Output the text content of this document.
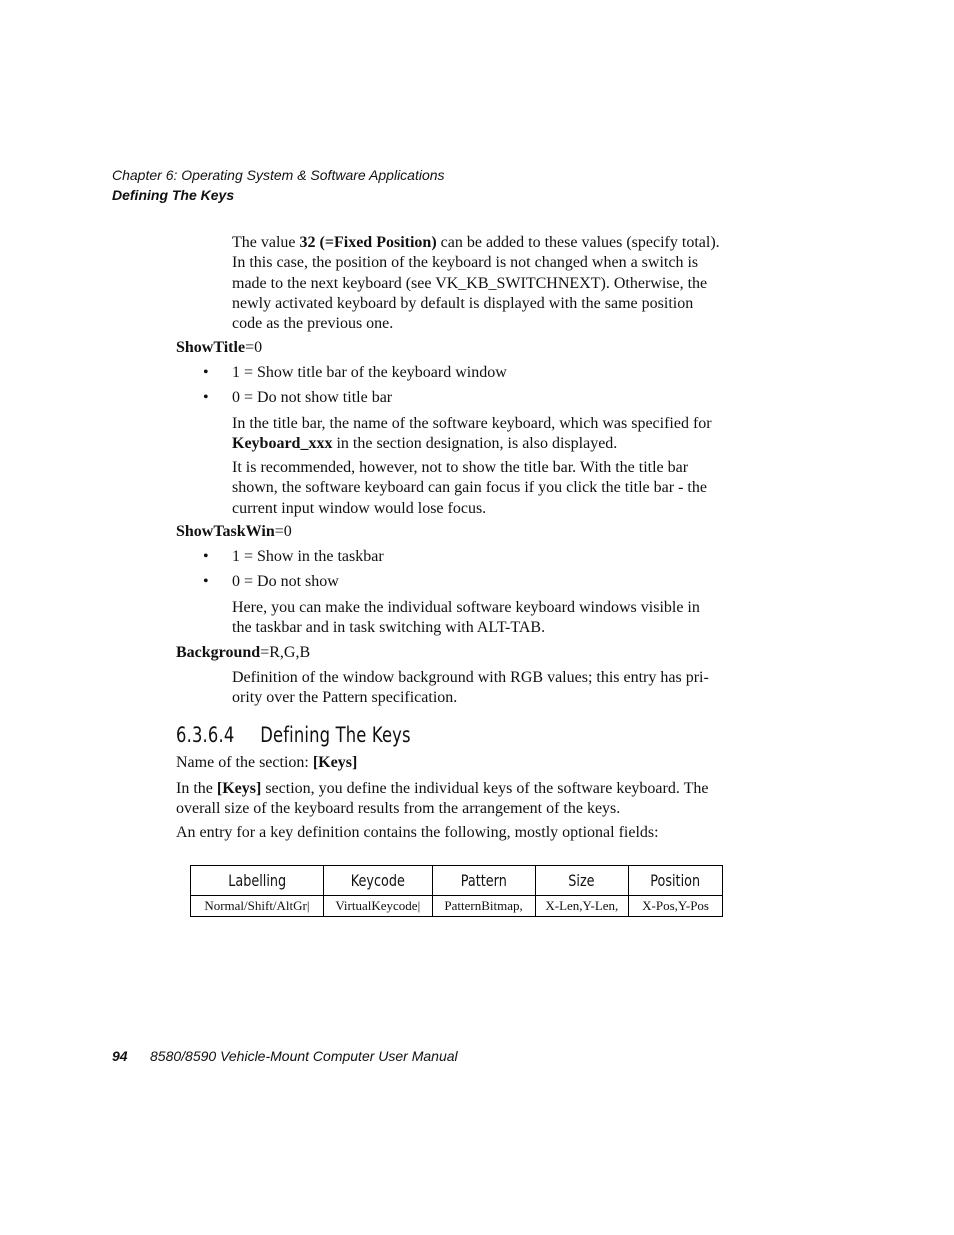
Chapter 6: Operating System & Software Applications
Defining The Keys
The value 32 (=Fixed Position) can be added to these values (specify total).
In this case, the position of the keyboard is not changed when a switch is
made to the next keyboard (see VK_KB_SWITCHNEXT). Otherwise, the
newly activated keyboard by default is displayed with the same position
code as the previous one.
ShowTitle=0
• 1 = Show title bar of the keyboard window
• 0 = Do not show title bar
In the title bar, the name of the software keyboard, which was specified for
Keyboard_xxx in the section designation, is also displayed.
It is recommended, however, not to show the title bar. With the title bar
shown, the software keyboard can gain focus if you click the title bar - the
current input window would lose focus.
ShowTaskWin=0
• 1 = Show in the taskbar
• 0 = Do not show
Here, you can make the individual software keyboard windows visible in
the taskbar and in task switching with ALT-TAB.
Background=R,G,B
Definition of the window background with RGB values; this entry has pri-
ority over the Pattern specification.
6.3.6.4 Defining The Keys
Name of the section: [Keys]
In the [Keys] section, you define the individual keys of the software keyboard. The
overall size of the keyboard results from the arrangement of the keys.
An entry for a key definition contains the following, mostly optional fields:
Labelling	Keycode	Pattern	Size	Position
Normal/Shift/AltGr|	VirtualKeycode|	PatternBitmap,	X-Len,Y-Len,	X-Pos,Y-Pos
94 8580/8590 Vehicle-Mount Computer User Manual
